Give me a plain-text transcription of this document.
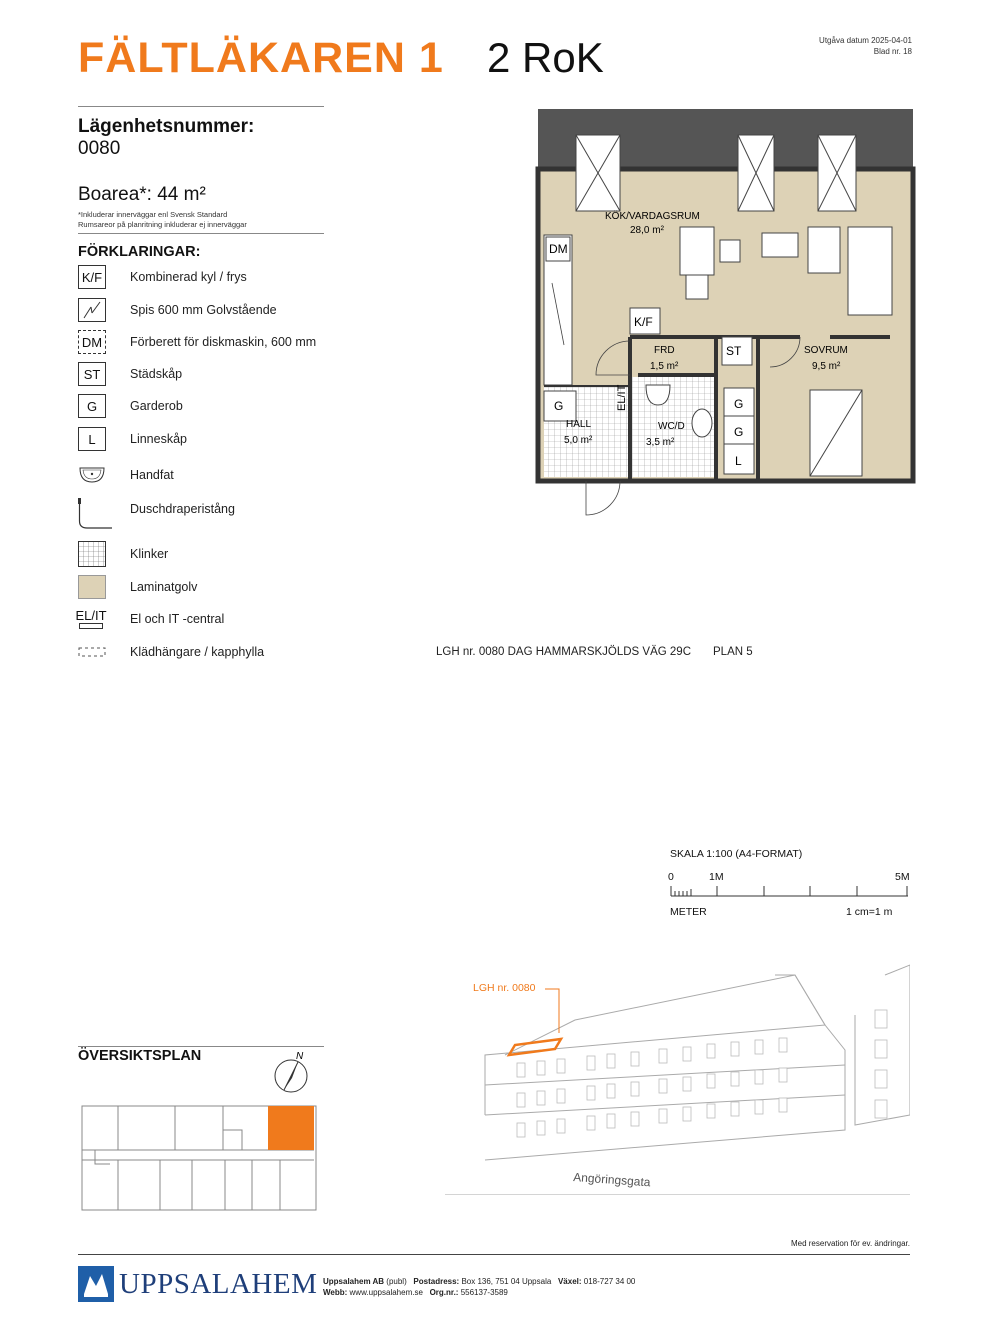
FÄLTLÄKAREN 1 2 RoK	Utgåva datum 2025-04-01
Blad nr. 18
Lägenhetsnummer:
0080
Boarea*: 44 m²
*Inkluderar innerväggar enl Svensk Standard
Rumsareor på planritning inkluderar ej innerväggar
FÖRKLARINGAR:
K/F	Kombinerad kyl / frys
Spis 600 mm Golvstående
DM	Förberett för diskmaskin, 600 mm
ST	Städskåp
G	Garderob
L	Linneskåp
Handfat
Duschdraperistång
Klinker
Laminatgolv
EL/IT El och IT -central
Klädhängare / kapphylla
KÖK/VARDAGSRUM
28,0 m²
FRD
1,5 m²
SOVRUM
9,5 m²
HALL
5,0 m²
WC/D
3,5 m²
DM
K/F
ST
G	G
G
L
EL/IT
LGH nr. 0080 DAG HAMMARSKJÖLDS VÄG 29C PLAN 5
SKALA 1:100 (A4-FORMAT)
0	1M	5M
METER	1 cm=1 m
LGH nr. 0080
Angöringsgata
ÖVERSIKTSPLAN	N
Med reservation för ev. ändringar.
UPPSALAHEM Uppsalahem AB (publ) Postadress: Box 136, 751 04 Uppsala Växel: 018-727 34 00
Webb: www.uppsalahem.se Org.nr.: 556137-3589
